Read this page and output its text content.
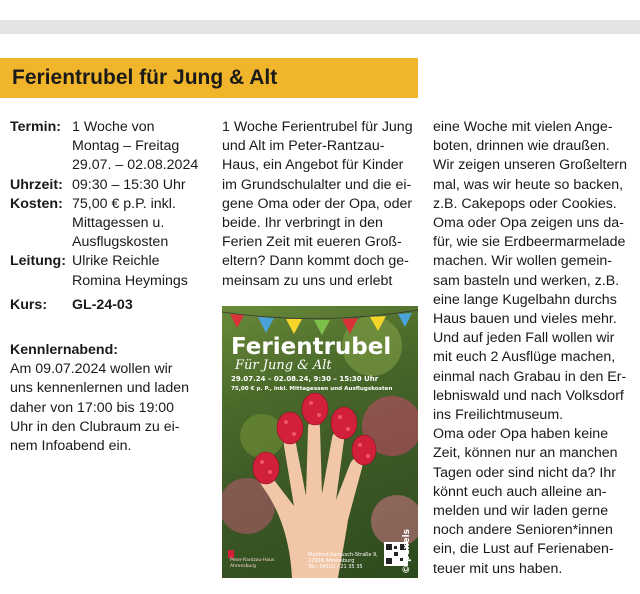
Ferientrubel für Jung & Alt
Termin: 1 Woche von
Montag – Freitag
29.07. – 02.08.2024
Uhrzeit: 09:30 – 15:30 Uhr
Kosten: 75,00 € p.P. inkl.
Mittagessen u.
Ausflugskosten
Leitung: Ulrike Reichle
Romina Heymings
Kurs:	GL-24-03
Kennlernabend:
Am 09.07.2024 wollen wir
uns kennenlernen und laden
daher von 17:00 bis 19:00
Uhr in den Clubraum zu ei-
nem Infoabend ein.
1 Woche Ferientrubel für Jung
und Alt im Peter-Rantzau-
Haus, ein Angebot für Kinder
im Grundschulalter und die ei-
gene Oma oder der Opa, oder
beide. Ihr verbringt in den
Ferien Zeit mit eueren Groß-
eltern? Dann kommt doch ge-
meinsam zu uns und erlebt
Ferientrubel
Für Jung & Alt
29.07.24 – 02.08.24, 9:30 – 15:30 Uhr
75,00 € p. P., inkl. Mittagessen und Ausflugskosten
Peter-Rantzau-Haus
Ahrensburg
Manfred-Samusch-Straße 9,
22926 Ahrensburg
Tel.: 04102 / 21 35 35	© pexels
eine Woche mit vielen Ange-
boten, drinnen wie draußen.
Wir zeigen unseren Großeltern
mal, was wir heute so backen,
z.B. Cakepops oder Cookies.
Oma oder Opa zeigen uns da-
für, wie sie Erdbeermarmelade
machen. Wir wollen gemein-
sam basteln und werken, z.B.
eine lange Kugelbahn durchs
Haus bauen und vieles mehr.
Und auf jeden Fall wollen wir
mit euch 2 Ausflüge machen,
einmal nach Grabau in den Er-
lebniswald und nach Volksdorf
ins Freilichtmuseum.
Oma oder Opa haben keine
Zeit, können nur an manchen
Tagen oder sind nicht da? Ihr
könnt euch auch alleine an-
melden und wir laden gerne
noch andere Senioren*innen
ein, die Lust auf Ferienaben-
teuer mit uns haben.
